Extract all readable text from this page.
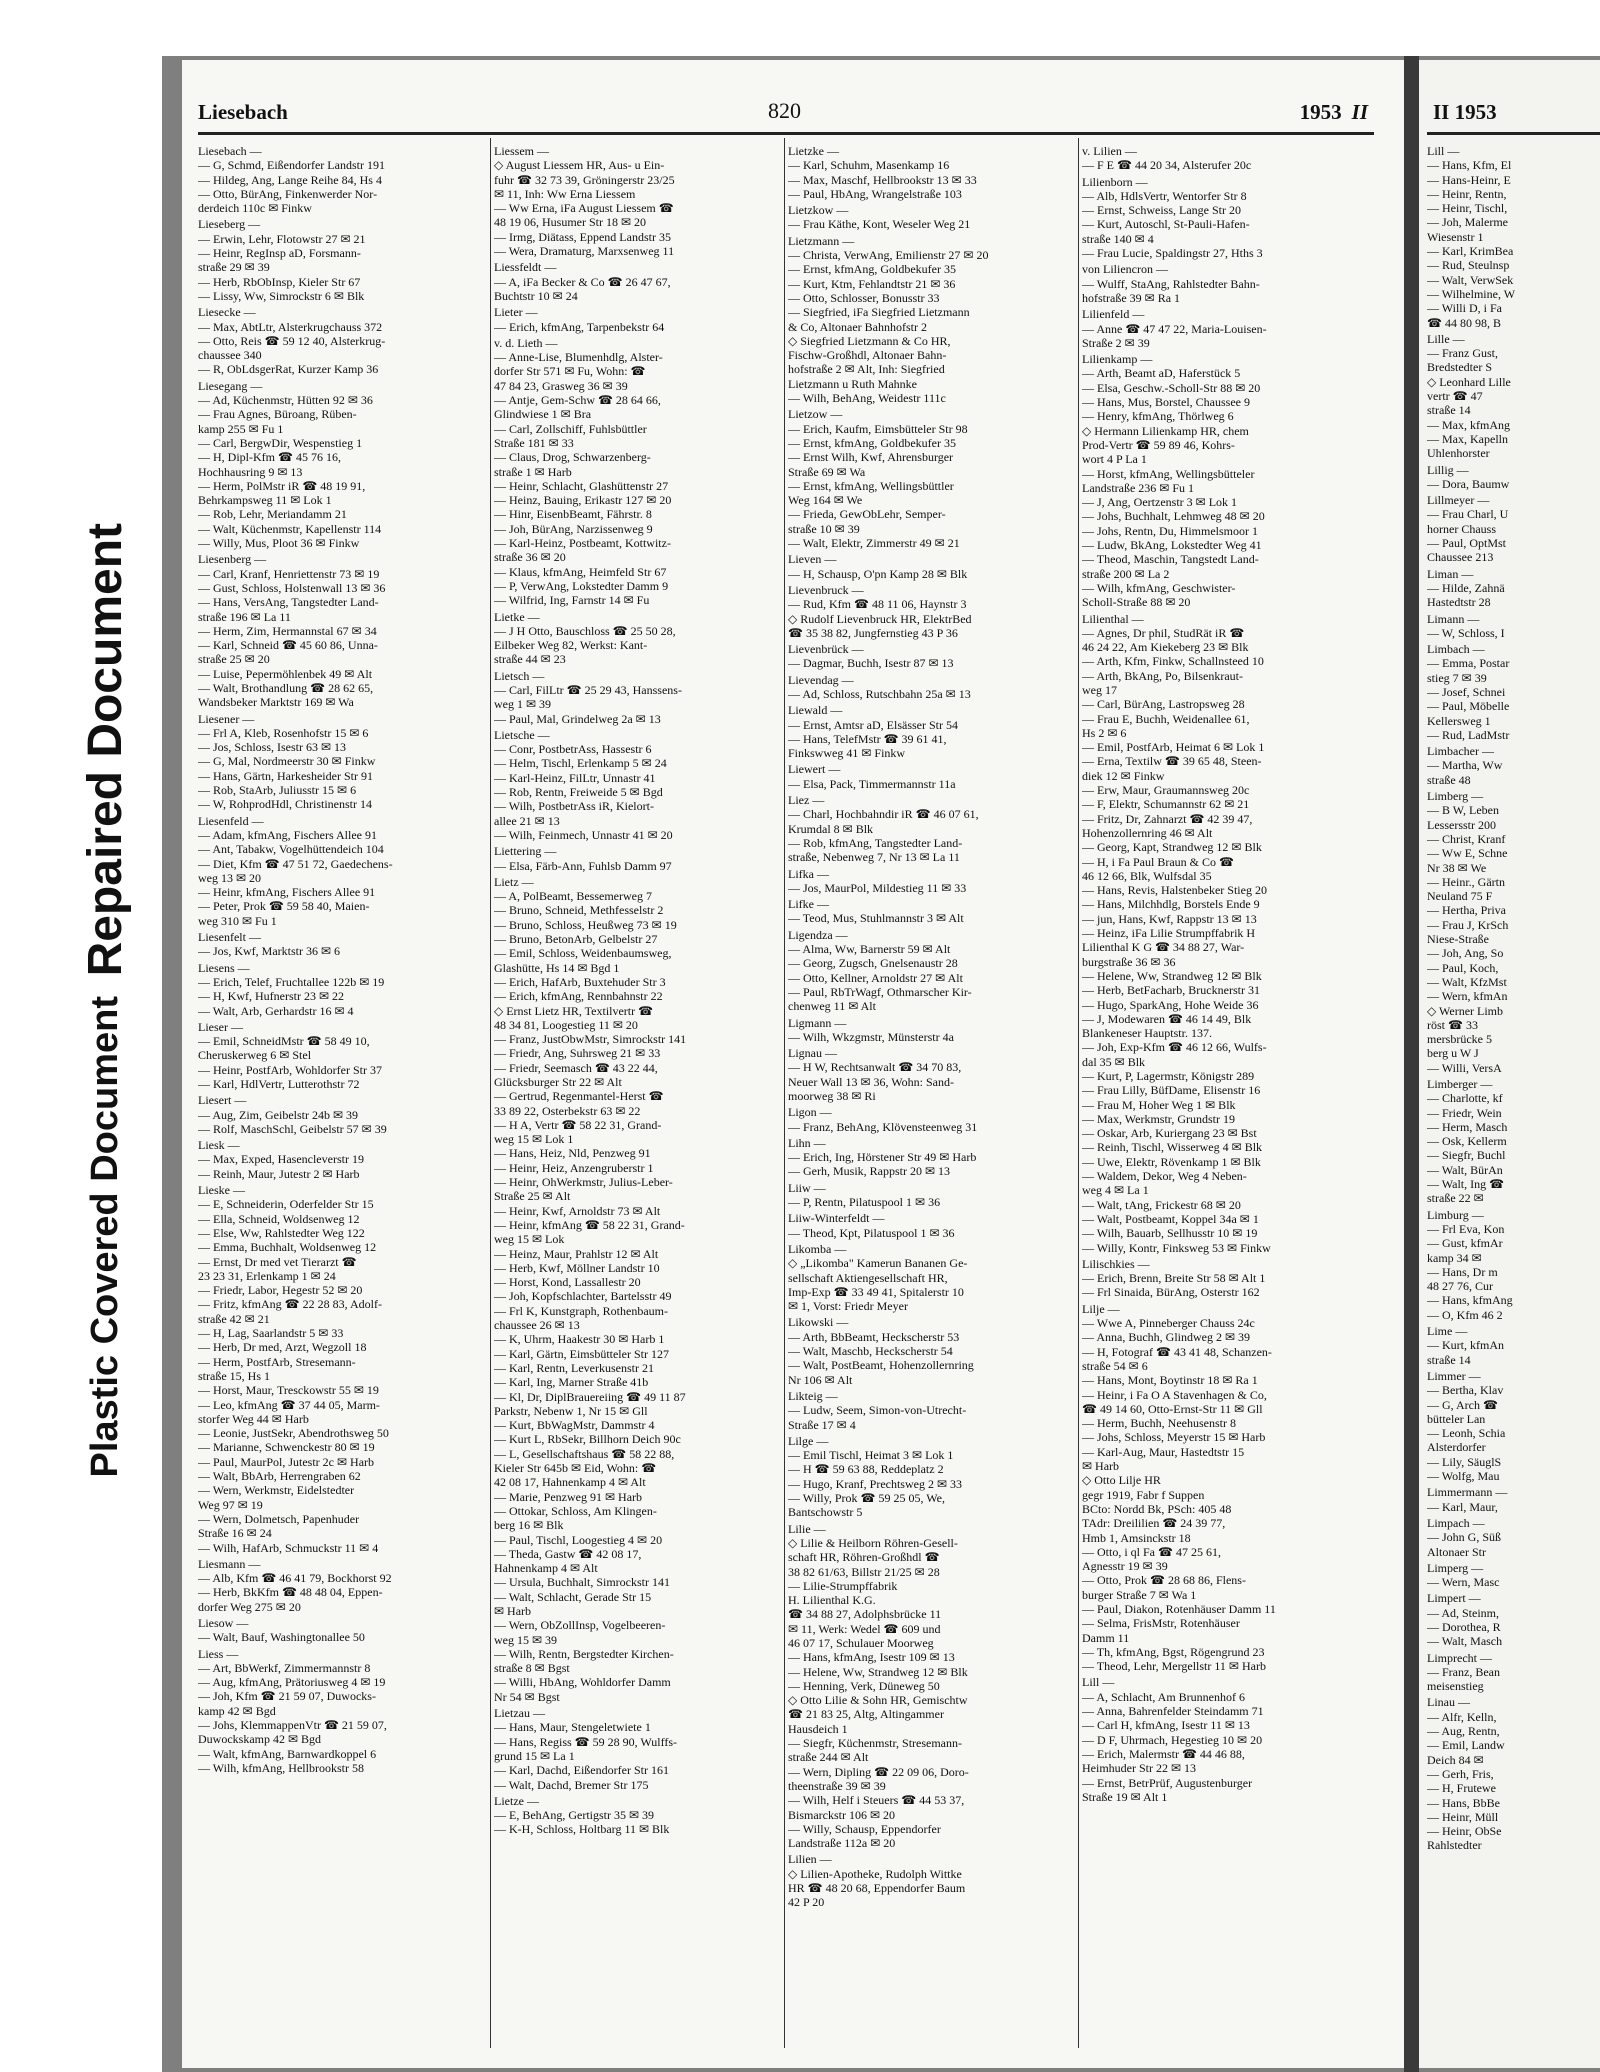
Repaired Document
Plastic Covered Document
Liesebach	820	1953 II
Liesebach —
— G, Schmd, Eißendorfer Landstr 191
— Hildeg, Ang, Lange Reihe 84, Hs 4
— Otto, BürAng, Finkenwerder Nor-
derdeich 110c ✉ Finkw
Lieseberg —
— Erwin, Lehr, Flotowstr 27 ✉ 21
— Heinr, RegInsp aD, Forsmann-
straße 29 ✉ 39
— Herb, RbObInsp, Kieler Str 67
— Lissy, Ww, Simrockstr 6 ✉ Blk
Liesecke —
— Max, AbtLtr, Alsterkrugchauss 372
— Otto, Reis ☎ 59 12 40, Alsterkrug-
chaussee 340
— R, ObLdsgerRat, Kurzer Kamp 36
Liesegang —
— Ad, Küchenmstr, Hütten 92 ✉ 36
— Frau Agnes, Büroang, Rüben-
kamp 255 ✉ Fu 1
— Carl, BergwDir, Wespenstieg 1
— H, Dipl-Kfm ☎ 45 76 16,
Hochhausring 9 ✉ 13
— Herm, PolMstr iR ☎ 48 19 91,
Behrkampsweg 11 ✉ Lok 1
— Rob, Lehr, Meriandamm 21
— Walt, Küchenmstr, Kapellenstr 114
— Willy, Mus, Ploot 36 ✉ Finkw
Liesenberg —
— Carl, Kranf, Henriettenstr 73 ✉ 19
— Gust, Schloss, Holstenwall 13 ✉ 36
— Hans, VersAng, Tangstedter Land-
straße 196 ✉ La 11
— Herm, Zim, Hermannstal 67 ✉ 34
— Karl, Schneid ☎ 45 60 86, Unna-
straße 25 ✉ 20
— Luise, Pepermöhlenbek 49 ✉ Alt
— Walt, Brothandlung ☎ 28 62 65,
Wandsbeker Marktstr 169 ✉ Wa
Liesener —
— Frl A, Kleb, Rosenhofstr 15 ✉ 6
— Jos, Schloss, Isestr 63 ✉ 13
— G, Mal, Nordmeerstr 30 ✉ Finkw
— Hans, Gärtn, Harkesheider Str 91
— Rob, StaArb, Juliusstr 15 ✉ 6
— W, RohprodHdl, Christinenstr 14
Liesenfeld —
— Adam, kfmAng, Fischers Allee 91
— Ant, Tabakw, Vogelhüttendeich 104
— Diet, Kfm ☎ 47 51 72, Gaedechens-
weg 13 ✉ 20
— Heinr, kfmAng, Fischers Allee 91
— Peter, Prok ☎ 59 58 40, Maien-
weg 310 ✉ Fu 1
Liesenfelt —
— Jos, Kwf, Marktstr 36 ✉ 6
Liesens —
— Erich, Telef, Fruchtallee 122b ✉ 19
— H, Kwf, Hufnerstr 23 ✉ 22
— Walt, Arb, Gerhardstr 16 ✉ 4
Lieser —
— Emil, SchneidMstr ☎ 58 49 10,
Cheruskerweg 6 ✉ Stel
— Heinr, PostfArb, Wohldorfer Str 37
— Karl, HdlVertr, Lutterothstr 72
Liesert —
— Aug, Zim, Geibelstr 24b ✉ 39
— Rolf, MaschSchl, Geibelstr 57 ✉ 39
Liesk —
— Max, Exped, Hasencleverstr 19
— Reinh, Maur, Jutestr 2 ✉ Harb
Lieske —
— E, Schneiderin, Oderfelder Str 15
— Ella, Schneid, Woldsenweg 12
— Else, Ww, Rahlstedter Weg 122
— Emma, Buchhalt, Woldsenweg 12
— Ernst, Dr med vet Tierarzt ☎
23 23 31, Erlenkamp 1 ✉ 24
— Friedr, Labor, Hegestr 52 ✉ 20
— Fritz, kfmAng ☎ 22 28 83, Adolf-
straße 42 ✉ 21
— H, Lag, Saarlandstr 5 ✉ 33
— Herb, Dr med, Arzt, Wegzoll 18
— Herm, PostfArb, Stresemann-
straße 15, Hs 1
— Horst, Maur, Tresckowstr 55 ✉ 19
— Leo, kfmAng ☎ 37 44 05, Marm-
storfer Weg 44 ✉ Harb
— Leonie, JustSekr, Abendrothsweg 50
— Marianne, Schwenckestr 80 ✉ 19
— Paul, MaurPol, Jutestr 2c ✉ Harb
— Walt, BbArb, Herrengraben 62
— Wern, Werkmstr, Eidelstedter
Weg 97 ✉ 19
— Wern, Dolmetsch, Papenhuder
Straße 16 ✉ 24
— Wilh, HafArb, Schmuckstr 11 ✉ 4
Liesmann —
— Alb, Kfm ☎ 46 41 79, Bockhorst 92
— Herb, BkKfm ☎ 48 48 04, Eppen-
dorfer Weg 275 ✉ 20
Liesow —
— Walt, Bauf, Washingtonallee 50
Liess —
— Art, BbWerkf, Zimmermannstr 8
— Aug, kfmAng, Prätoriusweg 4 ✉ 19
— Joh, Kfm ☎ 21 59 07, Duwocks-
kamp 42 ✉ Bgd
— Johs, KlemmappenVtr ☎ 21 59 07,
Duwockskamp 42 ✉ Bgd
— Walt, kfmAng, Barnwardkoppel 6
— Wilh, kfmAng, Hellbrookstr 58
Liessem —
◇ August Liessem HR, Aus- u Ein-
fuhr ☎ 32 73 39, Gröningerstr 23/25
✉ 11, Inh: Ww Erna Liessem
— Ww Erna, iFa August Liessem ☎
48 19 06, Husumer Str 18 ✉ 20
— Irmg, Diätass, Eppend Landstr 35
— Wera, Dramaturg, Marxsenweg 11
Liessfeldt —
— A, iFa Becker & Co ☎ 26 47 67,
Buchtstr 10 ✉ 24
Lieter —
— Erich, kfmAng, Tarpenbekstr 64
v. d. Lieth —
— Anne-Lise, Blumenhdlg, Alster-
dorfer Str 571 ✉ Fu, Wohn: ☎
47 84 23, Grasweg 36 ✉ 39
— Antje, Gem-Schw ☎ 28 64 66,
Glindwiese 1 ✉ Bra
— Carl, Zollschiff, Fuhlsbüttler
Straße 181 ✉ 33
— Claus, Drog, Schwarzenberg-
straße 1 ✉ Harb
— Heinr, Schlacht, Glashüttenstr 27
— Heinz, Bauing, Erikastr 127 ✉ 20
— Hinr, EisenbBeamt, Fährstr. 8
— Joh, BürAng, Narzissenweg 9
— Karl-Heinz, Postbeamt, Kottwitz-
straße 36 ✉ 20
— Klaus, kfmAng, Heimfeld Str 67
— P, VerwAng, Lokstedter Damm 9
— Wilfrid, Ing, Farnstr 14 ✉ Fu
Lietke —
— J H Otto, Bauschloss ☎ 25 50 28,
Eilbeker Weg 82, Werkst: Kant-
straße 44 ✉ 23
Lietsch —
— Carl, FilLtr ☎ 25 29 43, Hanssens-
weg 1 ✉ 39
— Paul, Mal, Grindelweg 2a ✉ 13
Lietsche —
— Conr, PostbetrAss, Hassestr 6
— Helm, Tischl, Erlenkamp 5 ✉ 24
— Karl-Heinz, FilLtr, Unnastr 41
— Rob, Rentn, Freiweide 5 ✉ Bgd
— Wilh, PostbetrAss iR, Kielort-
allee 21 ✉ 13
— Wilh, Feinmech, Unnastr 41 ✉ 20
Liettering —
— Elsa, Färb-Ann, Fuhlsb Damm 97
Lietz —
— A, PolBeamt, Bessemerweg 7
— Bruno, Schneid, Methfesselstr 2
— Bruno, Schloss, Heußweg 73 ✉ 19
— Bruno, BetonArb, Gelbelstr 27
— Emil, Schloss, Weidenbaumsweg,
Glashütte, Hs 14 ✉ Bgd 1
— Erich, HafArb, Buxtehuder Str 3
— Erich, kfmAng, Rennbahnstr 22
◇ Ernst Lietz HR, Textilvertr ☎
48 34 81, Loogestieg 11 ✉ 20
— Franz, JustObwMstr, Simrockstr 141
— Friedr, Ang, Suhrsweg 21 ✉ 33
— Friedr, Seemasch ☎ 43 22 44,
Glücksburger Str 22 ✉ Alt
— Gertrud, Regenmantel-Herst ☎
33 89 22, Osterbekstr 63 ✉ 22
— H A, Vertr ☎ 58 22 31, Grand-
weg 15 ✉ Lok 1
— Hans, Heiz, Nld, Penzweg 91
— Heinr, Heiz, Anzengruberstr 1
— Heinr, OhWerkmstr, Julius-Leber-
Straße 25 ✉ Alt
— Heinr, Kwf, Arnoldstr 73 ✉ Alt
— Heinr, kfmAng ☎ 58 22 31, Grand-
weg 15 ✉ Lok
— Heinz, Maur, Prahlstr 12 ✉ Alt
— Herb, Kwf, Möllner Landstr 10
— Horst, Kond, Lassallestr 20
— Joh, Kopfschlachter, Bartelsstr 49
— Frl K, Kunstgraph, Rothenbaum-
chaussee 26 ✉ 13
— K, Uhrm, Haakestr 30 ✉ Harb 1
— Karl, Gärtn, Eimsbütteler Str 127
— Karl, Rentn, Leverkusenstr 21
— Karl, Ing, Marner Straße 41b
— Kl, Dr, DiplBrauereiing ☎ 49 11 87
Parkstr, Nebenw 1, Nr 15 ✉ Gll
— Kurt, BbWagMstr, Dammstr 4
— Kurt L, RbSekr, Billhorn Deich 90c
— L, Gesellschaftshaus ☎ 58 22 88,
Kieler Str 645b ✉ Eid, Wohn: ☎
42 08 17, Hahnenkamp 4 ✉ Alt
— Marie, Penzweg 91 ✉ Harb
— Ottokar, Schloss, Am Klingen-
berg 16 ✉ Blk
— Paul, Tischl, Loogestieg 4 ✉ 20
— Theda, Gastw ☎ 42 08 17,
Hahnenkamp 4 ✉ Alt
— Ursula, Buchhalt, Simrockstr 141
— Walt, Schlacht, Gerade Str 15
✉ Harb
— Wern, ObZollInsp, Vogelbeeren-
weg 15 ✉ 39
— Wilh, Rentn, Bergstedter Kirchen-
straße 8 ✉ Bgst
— Willi, HbAng, Wohldorfer Damm
Nr 54 ✉ Bgst
Lietzau —
— Hans, Maur, Stengeletwiete 1
— Hans, Regiss ☎ 59 28 90, Wulffs-
grund 15 ✉ La 1
— Karl, Dachd, Eißendorfer Str 161
— Walt, Dachd, Bremer Str 175
Lietze —
— E, BehAng, Gertigstr 35 ✉ 39
— K-H, Schloss, Holtbarg 11 ✉ Blk
Lietzke —
— Karl, Schuhm, Masenkamp 16
— Max, Maschf, Hellbrookstr 13 ✉ 33
— Paul, HbAng, Wrangelstraße 103
Lietzkow —
— Frau Käthe, Kont, Weseler Weg 21
Lietzmann —
— Christa, VerwAng, Emilienstr 27 ✉ 20
— Ernst, kfmAng, Goldbekufer 35
— Kurt, Ktm, Fehlandtstr 21 ✉ 36
— Otto, Schlosser, Bonusstr 33
— Siegfried, iFa Siegfried Lietzmann
& Co, Altonaer Bahnhofstr 2
◇ Siegfried Lietzmann & Co HR,
Fischw-Großhdl, Altonaer Bahn-
hofstraße 2 ✉ Alt, Inh: Siegfried
Lietzmann u Ruth Mahnke
— Wilh, BehAng, Weidestr 111c
Lietzow —
— Erich, Kaufm, Eimsbütteler Str 98
— Ernst, kfmAng, Goldbekufer 35
— Ernst Wilh, Kwf, Ahrensburger
Straße 69 ✉ Wa
— Ernst, kfmAng, Wellingsbüttler
Weg 164 ✉ We
— Frieda, GewObLehr, Semper-
straße 10 ✉ 39
— Walt, Elektr, Zimmerstr 49 ✉ 21
Lieven —
— H, Schausp, O'pn Kamp 28 ✉ Blk
Lievenbruck —
— Rud, Kfm ☎ 48 11 06, Haynstr 3
◇ Rudolf Lievenbruck HR, ElektrBed
☎ 35 38 82, Jungfernstieg 43 P 36
Lievenbrück —
— Dagmar, Buchh, Isestr 87 ✉ 13
Lievendag —
— Ad, Schloss, Rutschbahn 25a ✉ 13
Liewald —
— Ernst, Amtsr aD, Elsässer Str 54
— Hans, TelefMstr ☎ 39 61 41,
Finkswweg 41 ✉ Finkw
Liewert —
— Elsa, Pack, Timmermannstr 11a
Liez —
— Charl, Hochbahndir iR ☎ 46 07 61,
Krumdal 8 ✉ Blk
— Rob, kfmAng, Tangstedter Land-
straße, Nebenweg 7, Nr 13 ✉ La 11
Lifka —
— Jos, MaurPol, Mildestieg 11 ✉ 33
Lifke —
— Teod, Mus, Stuhlmannstr 3 ✉ Alt
Ligendza —
— Alma, Ww, Barnerstr 59 ✉ Alt
— Georg, Zugsch, Gnelsenaustr 28
— Otto, Kellner, Arnoldstr 27 ✉ Alt
— Paul, RbTrWagf, Othmarscher Kir-
chenweg 11 ✉ Alt
Ligmann —
— Wilh, Wkzgmstr, Münsterstr 4a
Lignau —
— H W, Rechtsanwalt ☎ 34 70 83,
Neuer Wall 13 ✉ 36, Wohn: Sand-
moorweg 38 ✉ Ri
Ligon —
— Franz, BehAng, Klövensteenweg 31
Lihn —
— Erich, Ing, Hörstener Str 49 ✉ Harb
— Gerh, Musik, Rappstr 20 ✉ 13
Liiw —
— P, Rentn, Pilatuspool 1 ✉ 36
Liiw-Winterfeldt —
— Theod, Kpt, Pilatuspool 1 ✉ 36
Likomba —
◇ „Likomba" Kamerun Bananen Ge-
sellschaft Aktiengesellschaft HR,
Imp-Exp ☎ 33 49 41, Spitalerstr 10
✉ 1, Vorst: Friedr Meyer
Likowski —
— Arth, BbBeamt, Heckscherstr 53
— Walt, Maschb, Heckscherstr 54
— Walt, PostBeamt, Hohenzollernring
Nr 106 ✉ Alt
Likteig —
— Ludw, Seem, Simon-von-Utrecht-
Straße 17 ✉ 4
Lilge —
— Emil Tischl, Heimat 3 ✉ Lok 1
— H ☎ 59 63 88, Reddeplatz 2
— Hugo, Kranf, Prechtsweg 2 ✉ 33
— Willy, Prok ☎ 59 25 05, We,
Bantschowstr 5
Lilie —
◇ Lilie & Heilborn Röhren-Gesell-
schaft HR, Röhren-Großhdl ☎
38 82 61/63, Billstr 21/25 ✉ 28
— Lilie-Strumpffabrik
H. Lilienthal K.G.
☎ 34 88 27, Adolphsbrücke 11
✉ 11, Werk: Wedel ☎ 609 und
46 07 17, Schulauer Moorweg
— Hans, kfmAng, Isestr 109 ✉ 13
— Helene, Ww, Strandweg 12 ✉ Blk
— Henning, Verk, Düneweg 50
◇ Otto Lilie & Sohn HR, Gemischtw
☎ 21 83 25, Altg, Altingammer
Hausdeich 1
— Siegfr, Küchenmstr, Stresemann-
straße 244 ✉ Alt
— Wern, Dipling ☎ 22 09 06, Doro-
theenstraße 39 ✉ 39
— Wilh, Helf i Steuers ☎ 44 53 37,
Bismarckstr 106 ✉ 20
— Willy, Schausp, Eppendorfer
Landstraße 112a ✉ 20
Lilien —
◇ Lilien-Apotheke, Rudolph Wittke
HR ☎ 48 20 68, Eppendorfer Baum
42 P 20
v. Lilien —
— F E ☎ 44 20 34, Alsterufer 20c
Lilienborn —
— Alb, HdlsVertr, Wentorfer Str 8
— Ernst, Schweiss, Lange Str 20
— Kurt, Autoschl, St-Pauli-Hafen-
straße 140 ✉ 4
— Frau Lucie, Spaldingstr 27, Hths 3
von Liliencron —
— Wulff, StaAng, Rahlstedter Bahn-
hofstraße 39 ✉ Ra 1
Lilienfeld —
— Anne ☎ 47 47 22, Maria-Louisen-
Straße 2 ✉ 39
Lilienkamp —
— Arth, Beamt aD, Haferstück 5
— Elsa, Geschw.-Scholl-Str 88 ✉ 20
— Hans, Mus, Borstel, Chaussee 9
— Henry, kfmAng, Thörlweg 6
◇ Hermann Lilienkamp HR, chem
Prod-Vertr ☎ 59 89 46, Kohrs-
wort 4 P La 1
— Horst, kfmAng, Wellingsbütteler
Landstraße 236 ✉ Fu 1
— J, Ang, Oertzenstr 3 ✉ Lok 1
— Johs, Buchhalt, Lehmweg 48 ✉ 20
— Johs, Rentn, Du, Himmelsmoor 1
— Ludw, BkAng, Lokstedter Weg 41
— Theod, Maschin, Tangstedt Land-
straße 200 ✉ La 2
— Wilh, kfmAng, Geschwister-
Scholl-Straße 88 ✉ 20
Lilienthal —
— Agnes, Dr phil, StudRät iR ☎
46 24 22, Am Kiekeberg 23 ✉ Blk
— Arth, Kfm, Finkw, Schallnsteed 10
— Arth, BkAng, Po, Bilsenkraut-
weg 17
— Carl, BürAng, Lastropsweg 28
— Frau E, Buchh, Weidenallee 61,
Hs 2 ✉ 6
— Emil, PostfArb, Heimat 6 ✉ Lok 1
— Erna, Textilw ☎ 39 65 48, Steen-
diek 12 ✉ Finkw
— Erw, Maur, Graumannsweg 20c
— F, Elektr, Schumannstr 62 ✉ 21
— Fritz, Dr, Zahnarzt ☎ 42 39 47,
Hohenzollernring 46 ✉ Alt
— Georg, Kapt, Strandweg 12 ✉ Blk
— H, i Fa Paul Braun & Co ☎
46 12 66, Blk, Wulfsdal 35
— Hans, Revis, Halstenbeker Stieg 20
— Hans, Milchhdlg, Borstels Ende 9
— jun, Hans, Kwf, Rappstr 13 ✉ 13
— Heinz, iFa Lilie Strumpffabrik H
Lilienthal K G ☎ 34 88 27, War-
burgstraße 36 ✉ 36
— Helene, Ww, Strandweg 12 ✉ Blk
— Herb, BetFacharb, Brucknerstr 31
— Hugo, SparkAng, Hohe Weide 36
— J, Modewaren ☎ 46 14 49, Blk
Blankeneser Hauptstr. 137.
— Joh, Exp-Kfm ☎ 46 12 66, Wulfs-
dal 35 ✉ Blk
— Kurt, P, Lagermstr, Königstr 289
— Frau Lilly, BüfDame, Elisenstr 16
— Frau M, Hoher Weg 1 ✉ Blk
— Max, Werkmstr, Grundstr 19
— Oskar, Arb, Kuriergang 23 ✉ Bst
— Reinh, Tischl, Wisserweg 4 ✉ Blk
— Uwe, Elektr, Rövenkamp 1 ✉ Blk
— Waldem, Dekor, Weg 4 Neben-
weg 4 ✉ La 1
— Walt, tAng, Frickestr 68 ✉ 20
— Walt, Postbeamt, Koppel 34a ✉ 1
— Wilh, Bauarb, Sellhusstr 10 ✉ 19
— Willy, Kontr, Finksweg 53 ✉ Finkw
Lilischkies —
— Erich, Brenn, Breite Str 58 ✉ Alt 1
— Frl Sinaida, BürAng, Osterstr 162
Lilje —
— Wwe A, Pinneberger Chauss 24c
— Anna, Buchh, Glindweg 2 ✉ 39
— H, Fotograf ☎ 43 41 48, Schanzen-
straße 54 ✉ 6
— Hans, Mont, Boytinstr 18 ✉ Ra 1
— Heinr, i Fa O A Stavenhagen & Co,
☎ 49 14 60, Otto-Ernst-Str 11 ✉ Gll
— Herm, Buchh, Neehusenstr 8
— Johs, Schloss, Meyerstr 15 ✉ Harb
— Karl-Aug, Maur, Hastedtstr 15
✉ Harb
◇ Otto Lilje HR
gegr 1919, Fabr f Suppen
BCto: Nordd Bk, PSch: 405 48
TAdr: Dreililien ☎ 24 39 77,
Hmb 1, Amsinckstr 18
— Otto, i ql Fa ☎ 47 25 61,
Agnesstr 19 ✉ 39
— Otto, Prok ☎ 28 68 86, Flens-
burger Straße 7 ✉ Wa 1
— Paul, Diakon, Rotenhäuser Damm 11
— Selma, FrisMstr, Rotenhäuser
Damm 11
— Th, kfmAng, Bgst, Rögengrund 23
— Theod, Lehr, Mergellstr 11 ✉ Harb
Lill —
— A, Schlacht, Am Brunnenhof 6
— Anna, Bahrenfelder Steindamm 71
— Carl H, kfmAng, Isestr 11 ✉ 13
— D F, Uhrmach, Hegestieg 10 ✉ 20
— Erich, Malermstr ☎ 44 46 88,
Heimhuder Str 22 ✉ 13
— Ernst, BetrPrüf, Augustenburger
Straße 19 ✉ Alt 1
II 1953
Lill —
— Hans, Kfm, El
— Hans-Heinr, E
— Heinr, Rentn,
— Heinr, Tischl,
— Joh, Malerme
Wiesenstr 1
— Karl, KrimBea
— Rud, Steulnsp
— Walt, VerwSek
— Wilhelmine, W
— Willi D, i Fa
☎ 44 80 98, B
Lille —
— Franz Gust,
Bredstedter S
◇ Leonhard Lille
vertr ☎ 47
straße 14
— Max, kfmAng
— Max, Kapelln
Uhlenhorster
Lillig —
— Dora, Baumw
Lillmeyer —
— Frau Charl, U
horner Chauss
— Paul, OptMst
Chaussee 213
Liman —
— Hilde, Zahnä
Hastedtstr 28
Limann —
— W, Schloss, I
Limbach —
— Emma, Postar
stieg 7 ✉ 39
— Josef, Schnei
— Paul, Möbelle
Kellersweg 1
— Rud, LadMstr
Limbacher —
— Martha, Ww
straße 48
Limberg —
— B W, Leben
Lessersstr 200
— Christ, Kranf
— Ww E, Schne
Nr 38 ✉ We
— Heinr., Gärtn
Neuland 75 F
— Hertha, Priva
— Frau J, KrSch
Niese-Straße
— Joh, Ang, So
— Paul, Koch,
— Walt, KfzMst
— Wern, kfmAn
◇ Werner Limb
röst ☎ 33
mersbrücke 5
berg u W J
— Willi, VersA
Limberger —
— Charlotte, kf
— Friedr, Wein
— Herm, Masch
— Osk, Kellerm
— Siegfr, Buchl
— Walt, BürAn
— Walt, Ing ☎
straße 22 ✉
Limburg —
— Frl Eva, Kon
— Gust, kfmAr
kamp 34 ✉
— Hans, Dr m
48 27 76, Cur
— Hans, kfmAng
— O, Kfm 46 2
Lime —
— Kurt, kfmAn
straße 14
Limmer —
— Bertha, Klav
— G, Arch ☎
bütteler Lan
— Leonh, Schia
Alsterdorfer
— Lily, SäuglS
— Wolfg, Mau
Limmermann —
— Karl, Maur,
Limpach —
— John G, Süß
Altonaer Str
Limperg —
— Wern, Masc
Limpert —
— Ad, Steinm,
— Dorothea, R
— Walt, Masch
Limprecht —
— Franz, Bean
meisenstieg
Linau —
— Alfr, Kelln,
— Aug, Rentn,
— Emil, Landw
Deich 84 ✉
— Gerh, Fris,
— H, Frutewe
— Hans, BbBe
— Heinr, Müll
— Heinr, ObSe
Rahlstedter
